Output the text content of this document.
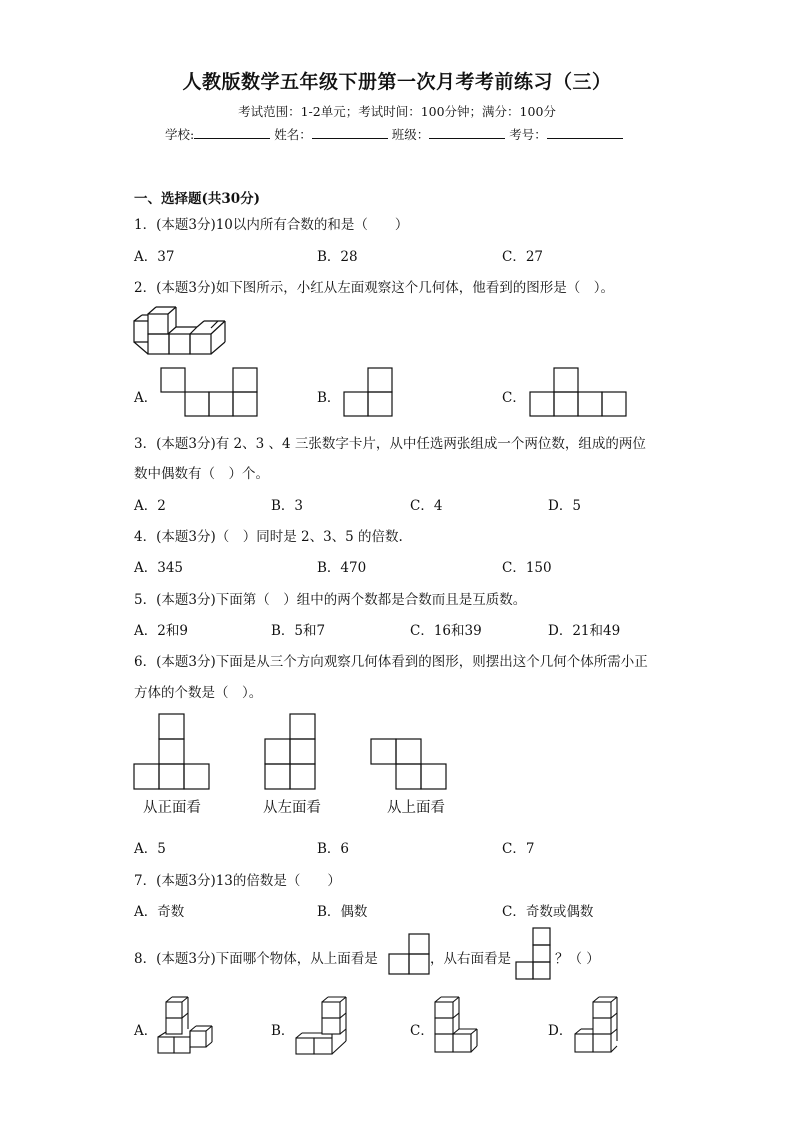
人教版数学五年级下册第一次月考考前练习（三）
考试范围：1-2单元；考试时间：100分钟；满分：100分
学校:	姓名：	班级：	考号：
一、选择题(共30分)
1．(本题3分)10以内所有合数的和是（　　）
A．37	B．28	C．27
2．(本题3分)如下图所示，小红从左面观察这个几何体，他看到的图形是（　）。
A．	B．	C．
3．(本题3分)有 2、3 、4 三张数字卡片，从中任选两张组成一个两位数，组成的两位
数中偶数有（　）个。
A．2	B．3	C．4	D．5
4．(本题3分)（　）同时是 2、3、5 的倍数.
A．345	B．470	C．150
5．(本题3分)下面第（　）组中的两个数都是合数而且是互质数。
A．2和9	B．5和7	C．16和39	D．21和49
6．(本题3分)下面是从三个方向观察几何体看到的图形，则摆出这个几何个体所需小正
方体的个数是（　）。
从正面看	从左面看	从上面看
A．5	B．6	C．7
7．(本题3分)13的倍数是（　　）
A．奇数	B．偶数	C．奇数或偶数
8．(本题3分)下面哪个物体，从上面看是	，从右面看是	？（ ）
A．	B．	C．	D．
